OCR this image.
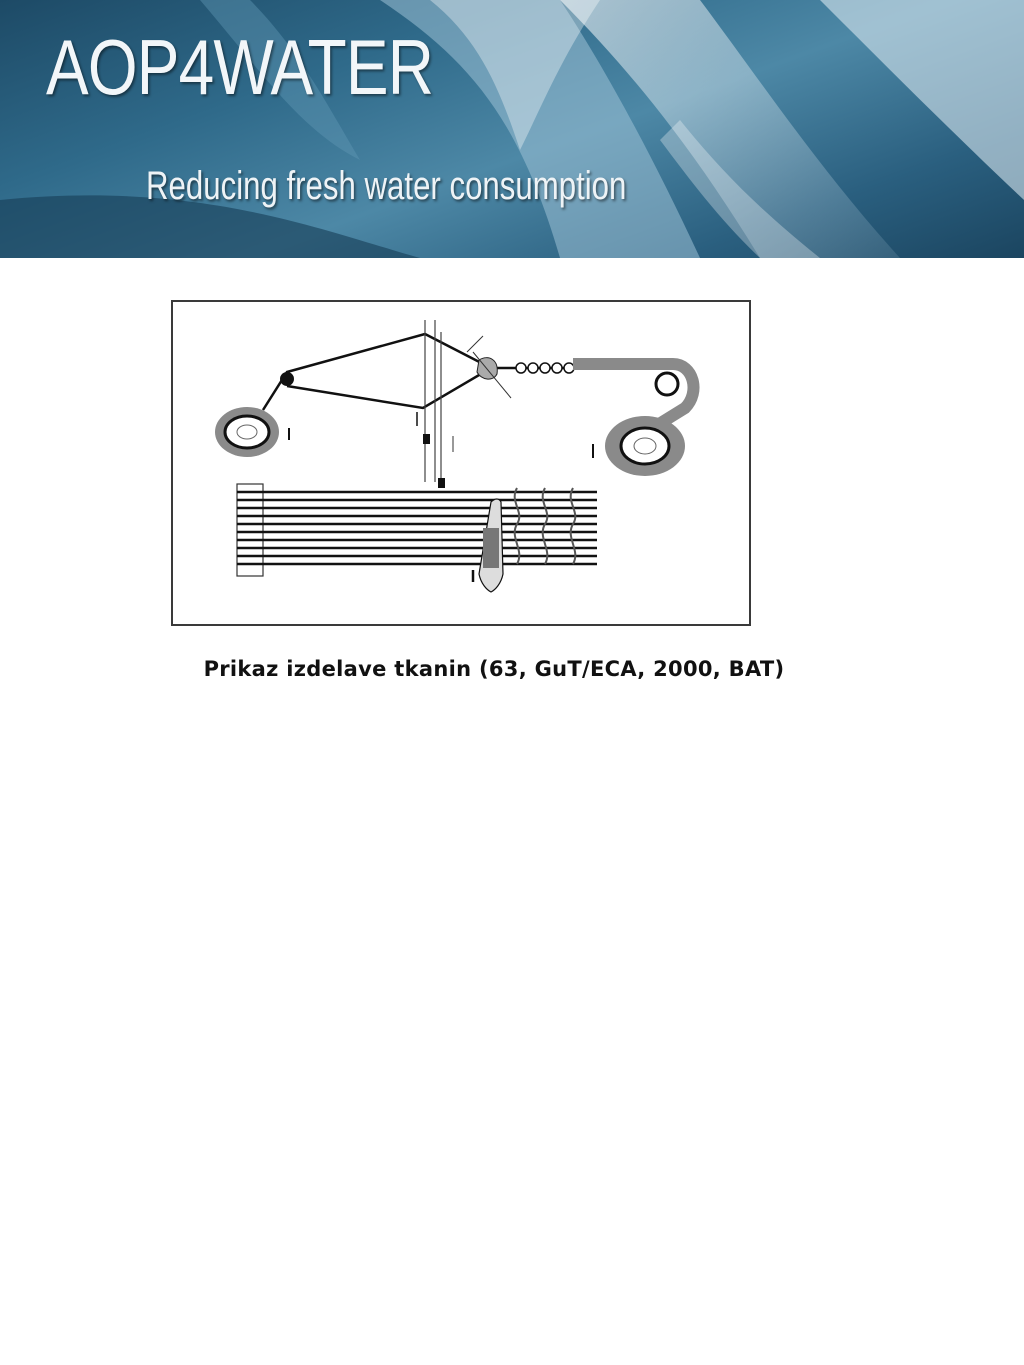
AOP4WATER
Reducing fresh water consumption
Prikaz izdelave tkanin (63, GuT/ECA, 2000, BAT)
